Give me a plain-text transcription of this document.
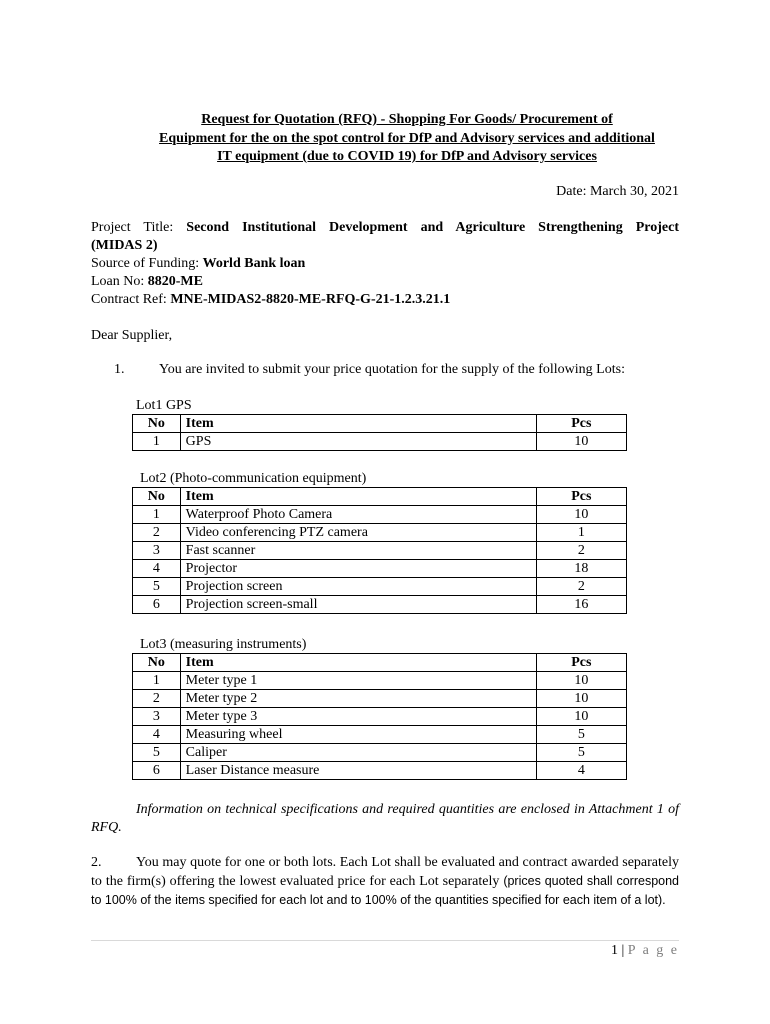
Request for Quotation (RFQ) - Shopping For Goods/ Procurement of
Equipment for the on the spot control for DfP and Advisory services and additional
IT equipment (due to COVID 19) for DfP and Advisory services
Date: March 30, 2021
Project Title: Second Institutional Development and Agriculture Strengthening Project
(MIDAS 2)
Source of Funding: World Bank loan
Loan No: 8820-ME
Contract Ref: MNE-MIDAS2-8820-ME-RFQ-G-21-1.2.3.21.1
Dear Supplier,
1. You are invited to submit your price quotation for the supply of the following Lots:
Lot1 GPS
No	Item	Pcs
1	GPS	10
Lot2 (Photo-communication equipment)
No	Item	Pcs
1	Waterproof Photo Camera	10
2	Video conferencing PTZ camera	1
3	Fast scanner	2
4	Projector	18
5	Projection screen	2
6	Projection screen-small	16
Lot3 (measuring instruments)
No	Item	Pcs
1	Meter type 1	10
2	Meter type 2	10
3	Meter type 3	10
4	Measuring wheel	5
5	Caliper	5
6	Laser Distance measure	4
Information on technical specifications and required quantities are enclosed in Attachment 1 of RFQ.
2. You may quote for one or both lots. Each Lot shall be evaluated and contract awarded separately to the firm(s) offering the lowest evaluated price for each Lot separately (prices quoted shall correspond to 100% of the items specified for each lot and to 100% of the quantities specified for each item of a lot).
1 | P a g e
